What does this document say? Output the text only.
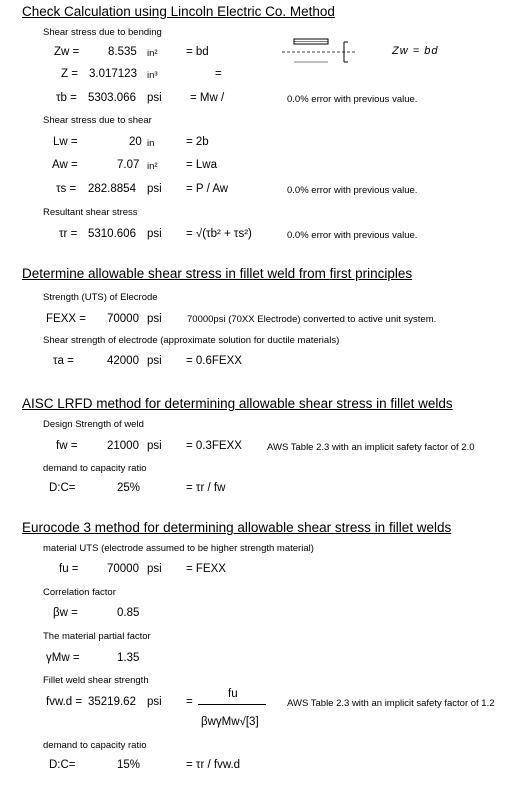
Check Calculation using Lincoln Electric Co. Method
Shear stress due to bending
Zw =	8.535 in² = bd	Zw = bd
Z = 3.017123 in³	=
τb = 5303.066 psi = Mw /	0.0% error with previous value.
Shear stress due to shear
Lw =	20 in	= 2b
Aw =	7.07 in² = Lwa
τs = 282.8854 psi = P / Aw	0.0% error with previous value.
Resultant shear stress
τr = 5310.606 psi = √(τb² + τs²)	0.0% error with previous value.
Determine allowable shear stress in fillet weld from first principles
Strength (UTS) of Elecrode
FEXX = 70000 psi	70000psi (70XX Electrode) converted to active unit system.
Shear strength of electrode (approximate solution for ductile materials)
τa =	42000 psi = 0.6FEXX
AISC LRFD method for determining allowable shear stress in fillet welds
Design Strength of weld
fw =	21000 psi = 0.3FEXX	AWS Table 2.3 with an implicit safety factor of 2.0
demand to capacity ratio
D:C=	25%	= τr / fw
Eurocode 3 method for determining allowable shear stress in fillet welds
material UTS (electrode assumed to be higher strength material)
fu = 70000 psi = FEXX
Correlation factor
βw =	0.85
The material partial factor
γMw =	1.35
Fillet weld shear strength
fvw.d = 35219.62 psi =
fu
βwγMw√[3]
AWS Table 2.3 with an implicit safety factor of 1.2
demand to capacity ratio
D:C=	15%	= τr / fvw.d
